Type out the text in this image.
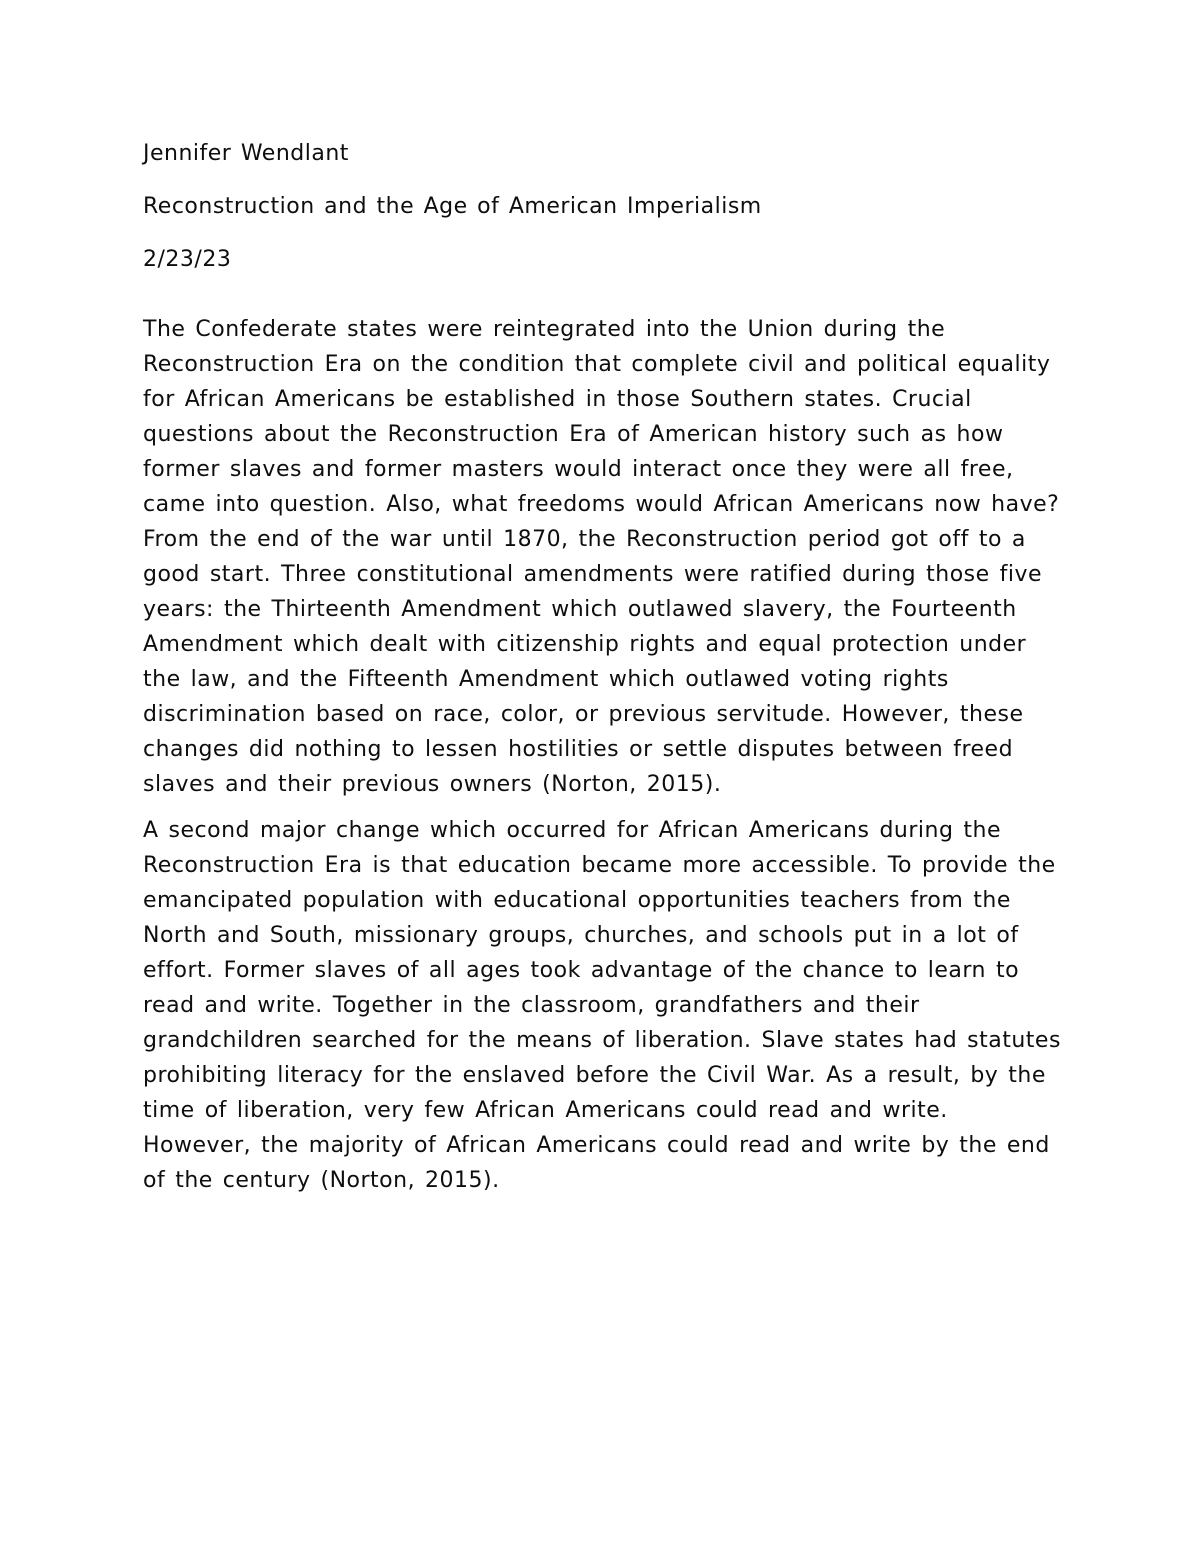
Jennifer Wendlant

Reconstruction and the Age of American Imperialism

2/23/23

The Confederate states were reintegrated into the Union during the Reconstruction Era on the condition that complete civil and political equality for African Americans be established in those Southern states. Crucial questions about the Reconstruction Era of American history such as how former slaves and former masters would interact once they were all free, came into question. Also, what freedoms would African Americans now have? From the end of the war until 1870, the Reconstruction period got off to a good start. Three constitutional amendments were ratified during those five years: the Thirteenth Amendment which outlawed slavery, the Fourteenth Amendment which dealt with citizenship rights and equal protection under the law, and the Fifteenth Amendment which outlawed voting rights discrimination based on race, color, or previous servitude. However, these changes did nothing to lessen hostilities or settle disputes between freed slaves and their previous owners (Norton, 2015).

A second major change which occurred for African Americans during the Reconstruction Era is that education became more accessible. To provide the emancipated population with educational opportunities teachers from the North and South, missionary groups, churches, and schools put in a lot of effort. Former slaves of all ages took advantage of the chance to learn to read and write. Together in the classroom, grandfathers and their grandchildren searched for the means of liberation. Slave states had statutes prohibiting literacy for the enslaved before the Civil War. As a result, by the time of liberation, very few African Americans could read and write. However, the majority of African Americans could read and write by the end of the century (Norton, 2015).
